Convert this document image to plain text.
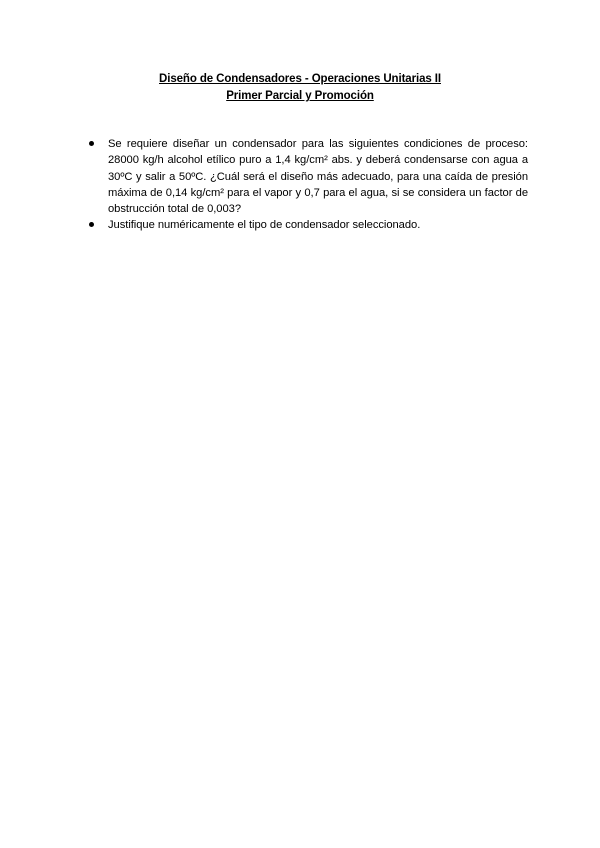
Diseño de Condensadores - Operaciones Unitarias II
Primer Parcial y Promoción
Se requiere diseñar un condensador para las siguientes condiciones de proceso: 28000 kg/h alcohol etílico puro a 1,4 kg/cm² abs. y deberá condensarse con agua a 30ºC y salir a 50ºC. ¿Cuál será el diseño más adecuado, para una caída de presión máxima de 0,14 kg/cm² para el vapor y 0,7 para el agua, si se considera un factor de obstrucción total de 0,003?
Justifique numéricamente el tipo de condensador seleccionado.
